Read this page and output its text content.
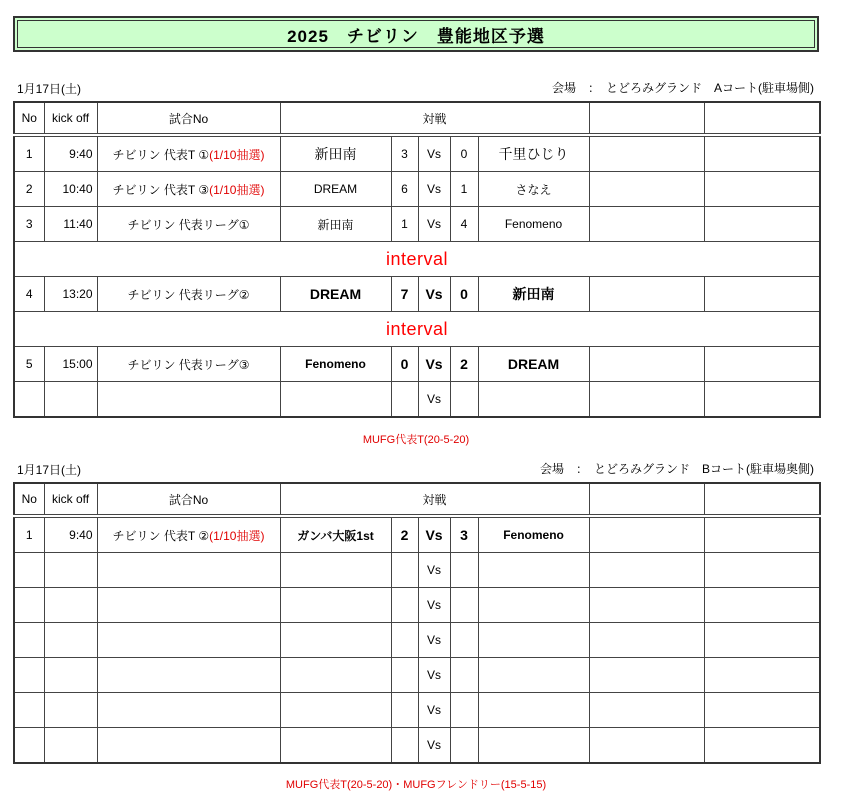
2025　チビリン　豊能地区予選
1月17日(土)	会場　：　とどろみグランド　Aコート(駐車場側)
No	kick off	試合No	対戦						
1	9:40	チビリン 代表T ①(1/10抽選)	新田南	3	Vs	0	千里ひじり		
2	10:40	チビリン 代表T ③(1/10抽選)	DREAM	6	Vs	1	さなえ		
3	11:40	チビリン 代表リーグ①	新田南	1	Vs	4	Fenomeno		
interval									
4	13:20	チビリン 代表リーグ②	DREAM	7	Vs	0	新田南		
interval									
5	15:00	チビリン 代表リーグ③	Fenomeno	0	Vs	2	DREAM		
					Vs				
MUFG代表T(20-5-20)
1月17日(土)	会場　：　とどろみグランド　Bコート(駐車場奥側)
No	kick off	試合No	対戦						
1	9:40	チビリン 代表T ②(1/10抽選)	ガンバ大阪1st	2	Vs	3	Fenomeno		
					Vs				
					Vs				
					Vs				
					Vs				
					Vs				
					Vs				
MUFG代表T(20-5-20)・MUFGフレンドリー(15-5-15)
